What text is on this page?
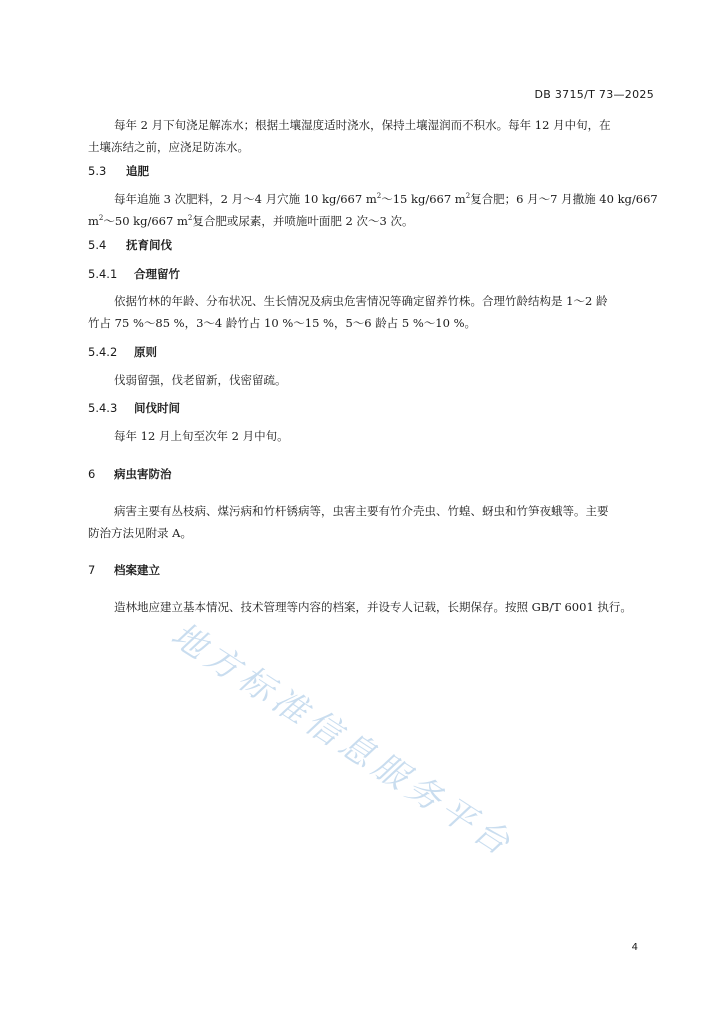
DB 3715/T 73—2025
每年 2 月下旬浇足解冻水；根据土壤湿度适时浇水，保持土壤湿润而不积水。每年 12 月中旬，在
土壤冻结之前，应浇足防冻水。
5.3 追肥
每年追施 3 次肥料，2 月～4 月穴施 10 kg/667 $m^2\sim 15$ kg/667 $m^2$复合肥；6 月～7 月撒施 40 kg/667
$m^2\sim 50$ kg/667 $m^2$复合肥或尿素，并喷施叶面肥 2 次～3 次。
5.4 抚育间伐
5.4.1 合理留竹
依据竹林的年龄、分布状况、生长情况及病虫危害情况等确定留养竹株。合理竹龄结构是 1～2 龄
竹占 75 %～85 %，3～4 龄竹占 10 %～15 %，5～6 龄占 5 %～10 %。
5.4.2 原则
伐弱留强，伐老留新，伐密留疏。
5.4.3 间伐时间
每年 12 月上旬至次年 2 月中旬。
6 病虫害防治
病害主要有丛枝病、煤污病和竹杆锈病等，虫害主要有竹介壳虫、竹蝗、蚜虫和竹笋夜蛾等。主要
防治方法见附录 A。
7 档案建立
造林地应建立基本情况、技术管理等内容的档案，并设专人记载，长期保存。按照 GB/T 6001 执行。
地方标准信息服务平台
4
